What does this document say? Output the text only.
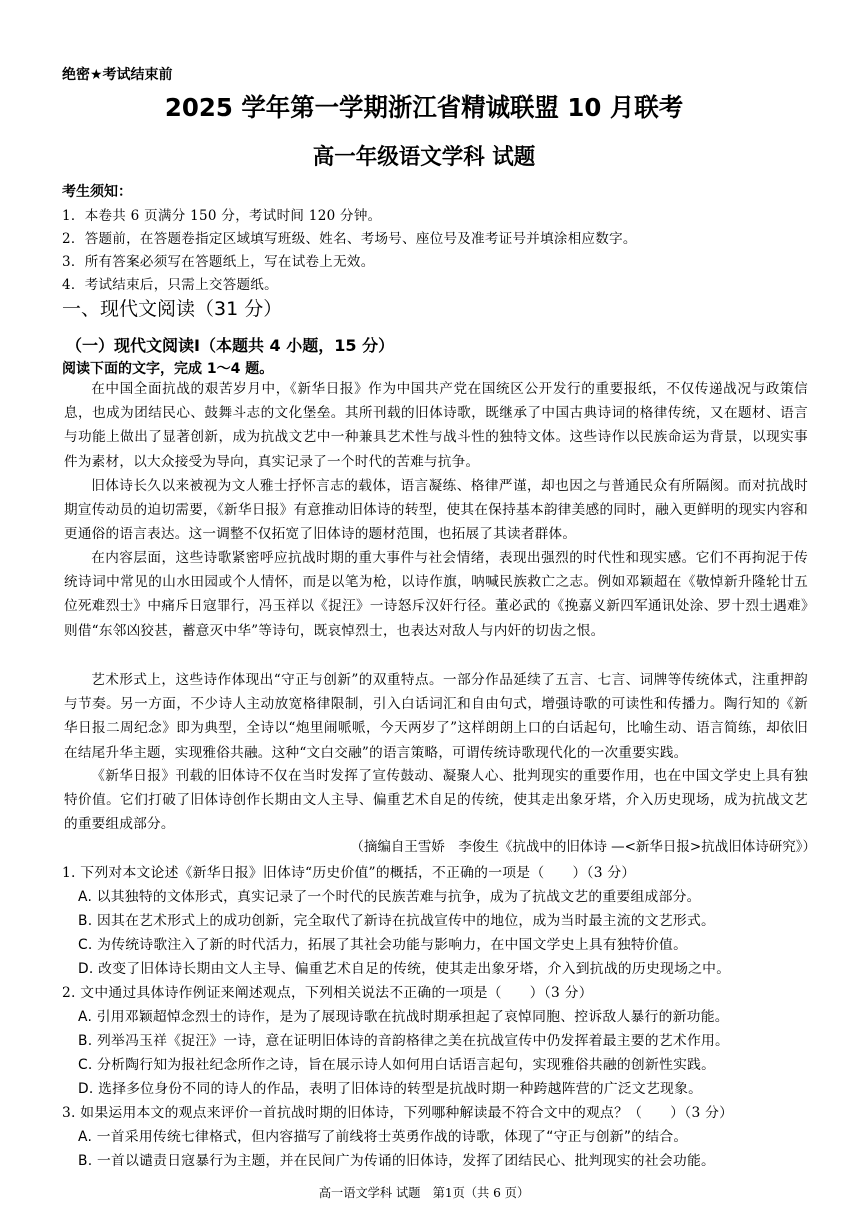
绝密★考试结束前
2025 学年第一学期浙江省精诚联盟 10 月联考
高一年级语文学科 试题
考生须知：
1．本卷共 6 页满分 150 分，考试时间 120 分钟。
2．答题前，在答题卷指定区域填写班级、姓名、考场号、座位号及准考证号并填涂相应数字。
3．所有答案必须写在答题纸上，写在试卷上无效。
4．考试结束后，只需上交答题纸。
一、现代文阅读（31 分）
（一）现代文阅读Ⅰ（本题共 4 小题，15 分）
阅读下面的文字，完成 1～4 题。
在中国全面抗战的艰苦岁月中，《新华日报》作为中国共产党在国统区公开发行的重要报纸，不仅传递战况与政策信息，也成为团结民心、鼓舞斗志的文化堡垒。其所刊载的旧体诗歌，既继承了中国古典诗词的格律传统，又在题材、语言与功能上做出了显著创新，成为抗战文艺中一种兼具艺术性与战斗性的独特文体。这些诗作以民族命运为背景，以现实事件为素材，以大众接受为导向，真实记录了一个时代的苦难与抗争。
旧体诗长久以来被视为文人雅士抒怀言志的载体，语言凝练、格律严谨，却也因之与普通民众有所隔阂。而对抗战时期宣传动员的迫切需要，《新华日报》有意推动旧体诗的转型，使其在保持基本韵律美感的同时，融入更鲜明的现实内容和更通俗的语言表达。这一调整不仅拓宽了旧体诗的题材范围，也拓展了其读者群体。
在内容层面，这些诗歌紧密呼应抗战时期的重大事件与社会情绪，表现出强烈的时代性和现实感。它们不再拘泥于传统诗词中常见的山水田园或个人情怀，而是以笔为枪，以诗作旗，呐喊民族救亡之志。例如邓颖超在《敬悼新升隆轮廿五位死难烈士》中痛斥日寇罪行，冯玉祥以《捉汪》一诗怒斥汉奸行径。董必武的《挽嘉义新四军通讯处涂、罗十烈士遇难》则借“东邻凶狡甚，蓄意灭中华”等诗句，既哀悼烈士，也表达对敌人与内奸的切齿之恨。
艺术形式上，这些诗作体现出“守正与创新”的双重特点。一部分作品延续了五言、七言、词牌等传统体式，注重押韵与节奏。另一方面，不少诗人主动放宽格律限制，引入白话词汇和自由句式，增强诗歌的可读性和传播力。陶行知的《新华日报二周纪念》即为典型，全诗以“炮里闹哌哌，今天两岁了”这样朗朗上口的白话起句，比喻生动、语言简练，却依旧在结尾升华主题，实现雅俗共融。这种“文白交融”的语言策略，可谓传统诗歌现代化的一次重要实践。
《新华日报》刊载的旧体诗不仅在当时发挥了宣传鼓动、凝聚人心、批判现实的重要作用，也在中国文学史上具有独特价值。它们打破了旧体诗创作长期由文人主导、偏重艺术自足的传统，使其走出象牙塔，介入历史现场，成为抗战文艺的重要组成部分。
（摘编自王雪娇　李俊生《抗战中的旧体诗 —<新华日报>抗战旧体诗研究》）
1. 下列对本文论述《新华日报》旧体诗“历史价值”的概括，不正确的一项是（　　）（3 分）
A. 以其独特的文体形式，真实记录了一个时代的民族苦难与抗争，成为了抗战文艺的重要组成部分。
B. 因其在艺术形式上的成功创新，完全取代了新诗在抗战宣传中的地位，成为当时最主流的文艺形式。
C. 为传统诗歌注入了新的时代活力，拓展了其社会功能与影响力，在中国文学史上具有独特价值。
D. 改变了旧体诗长期由文人主导、偏重艺术自足的传统，使其走出象牙塔，介入到抗战的历史现场之中。
2. 文中通过具体诗作例证来阐述观点，下列相关说法不正确的一项是（　　）（3 分）
A. 引用邓颖超悼念烈士的诗作，是为了展现诗歌在抗战时期承担起了哀悼同胞、控诉敌人暴行的新功能。
B. 列举冯玉祥《捉汪》一诗，意在证明旧体诗的音韵格律之美在抗战宣传中仍发挥着最主要的艺术作用。
C. 分析陶行知为报社纪念所作之诗，旨在展示诗人如何用白话语言起句，实现雅俗共融的创新性实践。
D. 选择多位身份不同的诗人的作品，表明了旧体诗的转型是抗战时期一种跨越阵营的广泛文艺现象。
3. 如果运用本文的观点来评价一首抗战时期的旧体诗，下列哪种解读最不符合文中的观点？（　　）（3 分）
A. 一首采用传统七律格式，但内容描写了前线将士英勇作战的诗歌，体现了“守正与创新”的结合。
B. 一首以谴责日寇暴行为主题，并在民间广为传诵的旧体诗，发挥了团结民心、批判现实的社会功能。
高一语文学科 试题　第1页（共 6 页）
